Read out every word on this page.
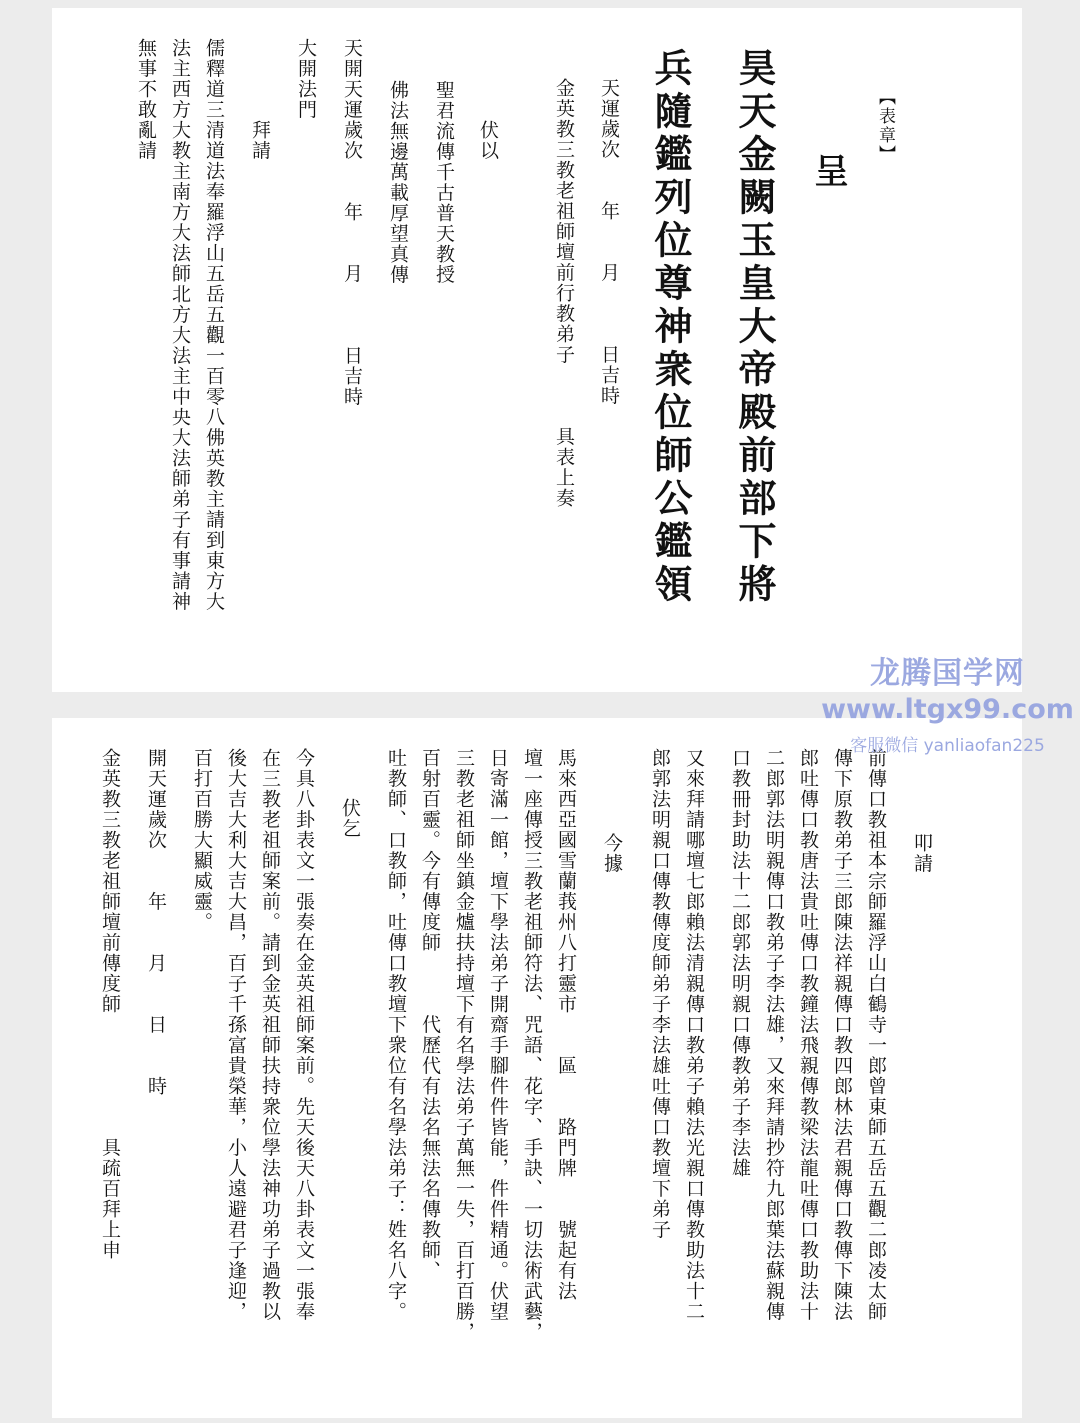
【表章】
呈
昊天金闕玉皇大帝殿前部下將
兵隨鑑列位尊神衆位師公鑑領
天運歲次　　年　　月　　　日吉時
金英教三教老祖師壇前行教弟子　　　具表上奏
伏以
聖君流傳千古普天教授
佛法無邊萬載厚望真傳
天開天運歲次　　年　　月　　　日吉時
大開法門
拜請
儒釋道三清道法奉羅浮山五岳五觀一百零八佛英教主請到東方大
法主西方大教主南方大法師北方大法主中央大法師弟子有事請神
無事不敢亂請
叩請
前傳口教祖本宗師羅浮山白鶴寺一郎曾東師五岳五觀二郎凌太師
傳下原教弟子三郎陳法祥親傳口教四郎林法君親傳口教傳下陳法
郎吐傳口教唐法貴吐傳口教鐘法飛親傳教梁法龍吐傳口教助法十
二郎郭法明親傳口教弟子李法雄，又來拜請抄符九郎葉法蘇親傳
口教冊封助法十二郎郭法明親口傳教弟子李法雄
又來拜請哪壇七郎賴法清親傳口教弟子賴法光親口傳教助法十二
郎郭法明親口傳教傳度師弟子李法雄吐傳口教壇下弟子
今據
馬來西亞國雪蘭莪州八打靈市　　區　　路門牌　　號起有法
壇一座傳授三教老祖師符法、咒語、花字、手訣、一切法術武藝，
日寄滿一館，壇下學法弟子開齋手腳件件皆能，件件精通。伏望
三教老祖師坐鎮金爐扶持壇下有名學法弟子萬無一失，百打百勝，
百射百靈。今有傳度師　　　代歷代有法名無法名傳教師、
吐教師、口教師，吐傳口教壇下衆位有名學法弟子：姓名八字。
伏乞
今具八卦表文一張奏在金英祖師案前。先天後天八卦表文一張奉
在三教老祖師案前。請到金英祖師扶持衆位學法神功弟子過教以
後大吉大利大吉大昌，百子千孫富貴榮華，小人遠避君子逢迎，
百打百勝大顯威靈。
開天運歲次　　年　　月　　日　　時
金英教三教老祖師壇前傳度師　　　　　　具疏百拜上申
龙腾国学网
www.ltgx99.com
客服微信 yanliaofan225
